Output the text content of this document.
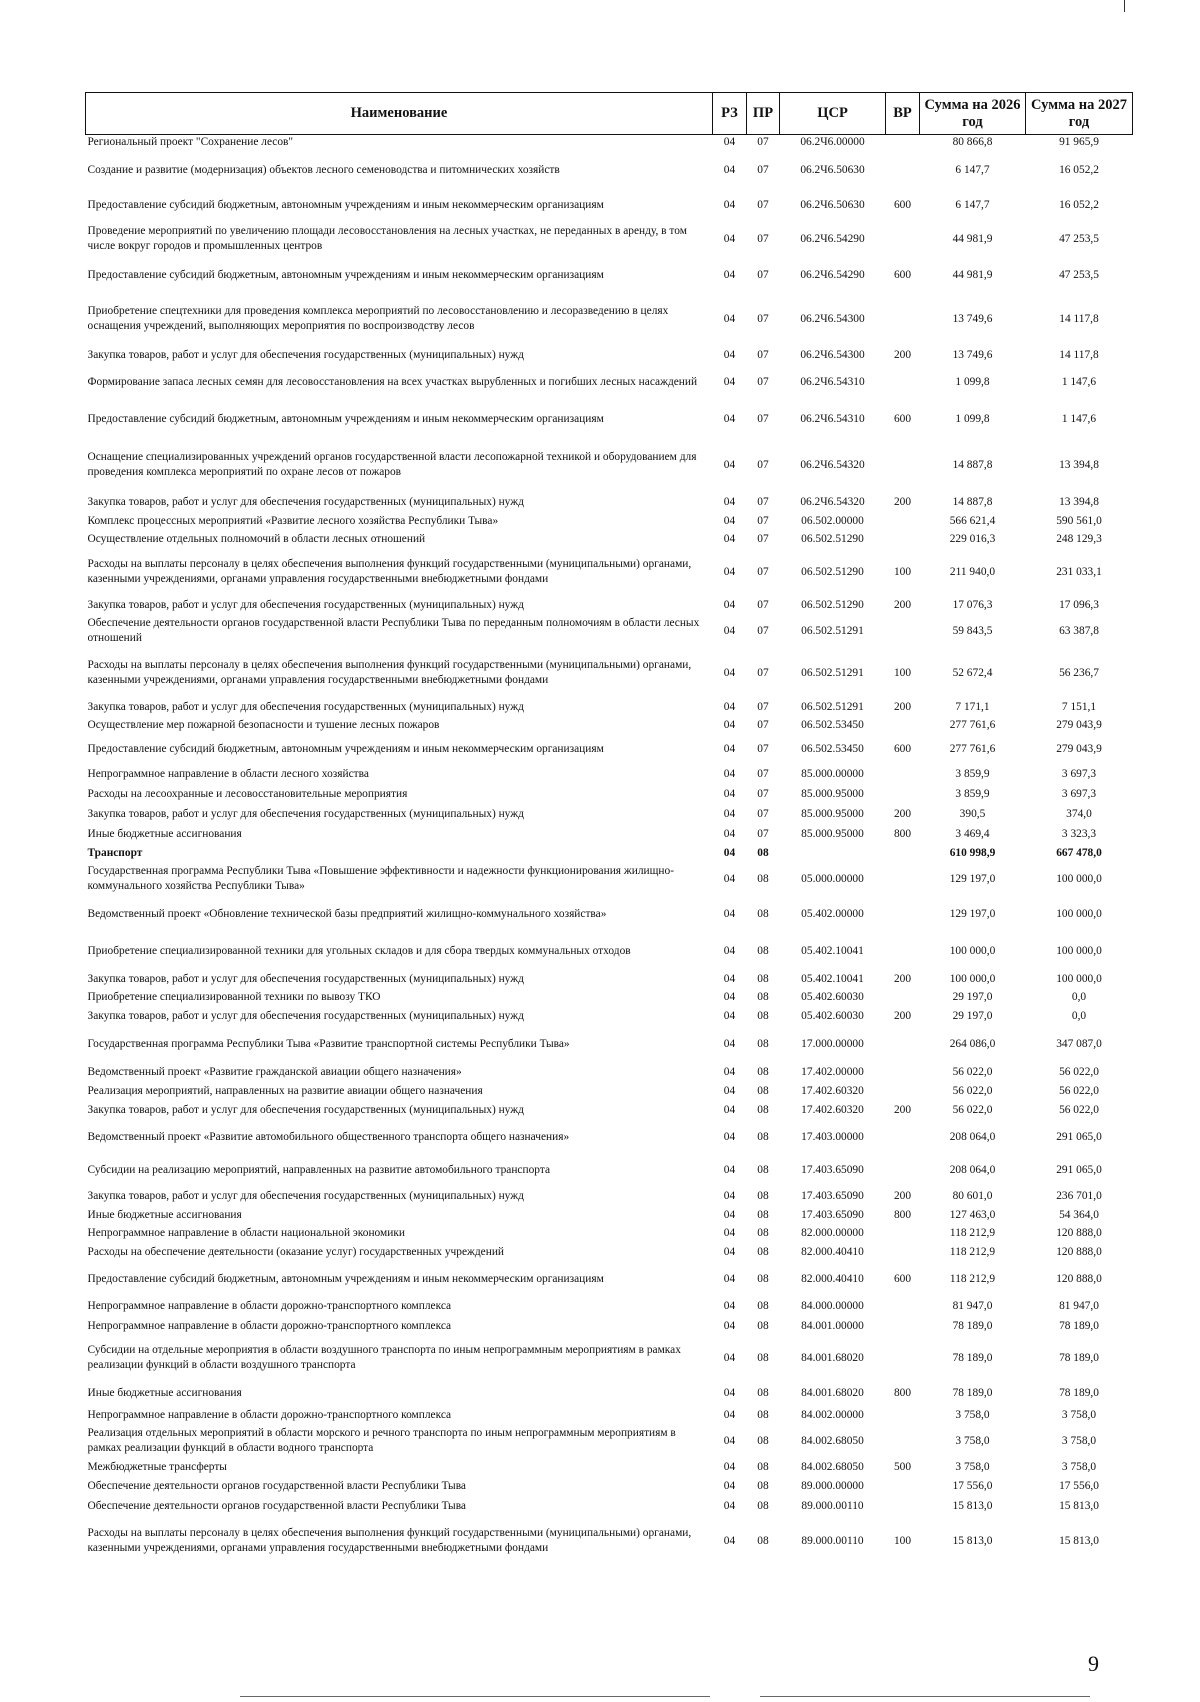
Наименование	РЗ	ПР	ЦСР	ВР	Сумма на 2026 год	Сумма на 2027 год
Региональный проект "Сохранение лесов"	04	07	06.2Ч6.00000		80 866,8	91 965,9
Создание и развитие (модернизация) объектов лесного семеноводства и питомнических хозяйств	04	07	06.2Ч6.50630		6 147,7	16 052,2
Предоставление субсидий бюджетным, автономным учреждениям и иным некоммерческим организациям	04	07	06.2Ч6.50630	600	6 147,7	16 052,2
Проведение мероприятий по увеличению площади лесовосстановления на лесных участках, не переданных в аренду, в том числе вокруг городов и промышленных центров	04	07	06.2Ч6.54290		44 981,9	47 253,5
Предоставление субсидий бюджетным, автономным учреждениям и иным некоммерческим организациям	04	07	06.2Ч6.54290	600	44 981,9	47 253,5
Приобретение спецтехники для проведения комплекса мероприятий по лесовосстановлению и лесоразведению в целях оснащения учреждений, выполняющих мероприятия по воспроизводству лесов	04	07	06.2Ч6.54300		13 749,6	14 117,8
Закупка товаров, работ и услуг для обеспечения государственных (муниципальных) нужд	04	07	06.2Ч6.54300	200	13 749,6	14 117,8
Формирование запаса лесных семян для лесовосстановления на всех участках вырубленных и погибших лесных насаждений	04	07	06.2Ч6.54310		1 099,8	1 147,6
Предоставление субсидий бюджетным, автономным учреждениям и иным некоммерческим организациям	04	07	06.2Ч6.54310	600	1 099,8	1 147,6
Оснащение специализированных учреждений органов государственной власти лесопожарной техникой и оборудованием для проведения комплекса мероприятий по охране лесов от пожаров	04	07	06.2Ч6.54320		14 887,8	13 394,8
Закупка товаров, работ и услуг для обеспечения государственных (муниципальных) нужд	04	07	06.2Ч6.54320	200	14 887,8	13 394,8
Комплекс процессных мероприятий «Развитие лесного хозяйства Республики Тыва»	04	07	06.502.00000		566 621,4	590 561,0
Осуществление отдельных полномочий в области лесных отношений	04	07	06.502.51290		229 016,3	248 129,3
Расходы на выплаты персоналу в целях обеспечения выполнения функций государственными (муниципальными) органами, казенными учреждениями, органами управления государственными внебюджетными фондами	04	07	06.502.51290	100	211 940,0	231 033,1
Закупка товаров, работ и услуг для обеспечения государственных (муниципальных) нужд	04	07	06.502.51290	200	17 076,3	17 096,3
Обеспечение деятельности органов государственной власти Республики Тыва по переданным полномочиям в области лесных отношений	04	07	06.502.51291		59 843,5	63 387,8
Расходы на выплаты персоналу в целях обеспечения выполнения функций государственными (муниципальными) органами, казенными учреждениями, органами управления государственными внебюджетными фондами	04	07	06.502.51291	100	52 672,4	56 236,7
Закупка товаров, работ и услуг для обеспечения государственных (муниципальных) нужд	04	07	06.502.51291	200	7 171,1	7 151,1
Осуществление мер пожарной безопасности и тушение лесных пожаров	04	07	06.502.53450		277 761,6	279 043,9
Предоставление субсидий бюджетным, автономным учреждениям и иным некоммерческим организациям	04	07	06.502.53450	600	277 761,6	279 043,9
Непрограммное направление в области лесного хозяйства	04	07	85.000.00000		3 859,9	3 697,3
Расходы на лесоохранные и лесовосстановительные мероприятия	04	07	85.000.95000		3 859,9	3 697,3
Закупка товаров, работ и услуг для обеспечения государственных (муниципальных) нужд	04	07	85.000.95000	200	390,5	374,0
Иные бюджетные ассигнования	04	07	85.000.95000	800	3 469,4	3 323,3
Транспорт	04	08			610 998,9	667 478,0
Государственная программа Республики Тыва «Повышение эффективности и надежности функционирования жилищно-коммунального хозяйства Республики Тыва»	04	08	05.000.00000		129 197,0	100 000,0
Ведомственный проект «Обновление технической базы предприятий жилищно-коммунального хозяйства»	04	08	05.402.00000		129 197,0	100 000,0
Приобретение специализированной техники для угольных складов и для сбора твердых коммунальных отходов	04	08	05.402.10041		100 000,0	100 000,0
Закупка товаров, работ и услуг для обеспечения государственных (муниципальных) нужд	04	08	05.402.10041	200	100 000,0	100 000,0
Приобретение специализированной техники по вывозу ТКО	04	08	05.402.60030		29 197,0	0,0
Закупка товаров, работ и услуг для обеспечения государственных (муниципальных) нужд	04	08	05.402.60030	200	29 197,0	0,0
Государственная программа Республики Тыва «Развитие транспортной системы Республики Тыва»	04	08	17.000.00000		264 086,0	347 087,0
Ведомственный проект «Развитие гражданской авиации общего назначения»	04	08	17.402.00000		56 022,0	56 022,0
Реализация мероприятий, направленных на развитие авиации общего назначения	04	08	17.402.60320		56 022,0	56 022,0
Закупка товаров, работ и услуг для обеспечения государственных (муниципальных) нужд	04	08	17.402.60320	200	56 022,0	56 022,0
Ведомственный проект «Развитие автомобильного общественного транспорта общего назначения»	04	08	17.403.00000		208 064,0	291 065,0
Субсидии на реализацию мероприятий, направленных на развитие автомобильного транспорта	04	08	17.403.65090		208 064,0	291 065,0
Закупка товаров, работ и услуг для обеспечения государственных (муниципальных) нужд	04	08	17.403.65090	200	80 601,0	236 701,0
Иные бюджетные ассигнования	04	08	17.403.65090	800	127 463,0	54 364,0
Непрограммное направление в области национальной экономики	04	08	82.000.00000		118 212,9	120 888,0
Расходы на обеспечение деятельности (оказание услуг) государственных учреждений	04	08	82.000.40410		118 212,9	120 888,0
Предоставление субсидий бюджетным, автономным учреждениям и иным некоммерческим организациям	04	08	82.000.40410	600	118 212,9	120 888,0
Непрограммное направление в области дорожно-транспортного комплекса	04	08	84.000.00000		81 947,0	81 947,0
Непрограммное направление в области дорожно-транспортного комплекса	04	08	84.001.00000		78 189,0	78 189,0
Субсидии на отдельные мероприятия в области воздушного транспорта по иным непрограммным мероприятиям в рамках реализации функций в области воздушного транспорта	04	08	84.001.68020		78 189,0	78 189,0
Иные бюджетные ассигнования	04	08	84.001.68020	800	78 189,0	78 189,0
Непрограммное направление в области дорожно-транспортного комплекса	04	08	84.002.00000		3 758,0	3 758,0
Реализация отдельных мероприятий в области морского и речного транспорта по иным непрограммным мероприятиям в рамках реализации функций в области водного транспорта	04	08	84.002.68050		3 758,0	3 758,0
Межбюджетные трансферты	04	08	84.002.68050	500	3 758,0	3 758,0
Обеспечение деятельности органов государственной власти Республики Тыва	04	08	89.000.00000		17 556,0	17 556,0
Обеспечение деятельности органов государственной власти Республики Тыва	04	08	89.000.00110		15 813,0	15 813,0
Расходы на выплаты персоналу в целях обеспечения выполнения функций государственными (муниципальными) органами, казенными учреждениями, органами управления государственными внебюджетными фондами	04	08	89.000.00110	100	15 813,0	15 813,0
9
